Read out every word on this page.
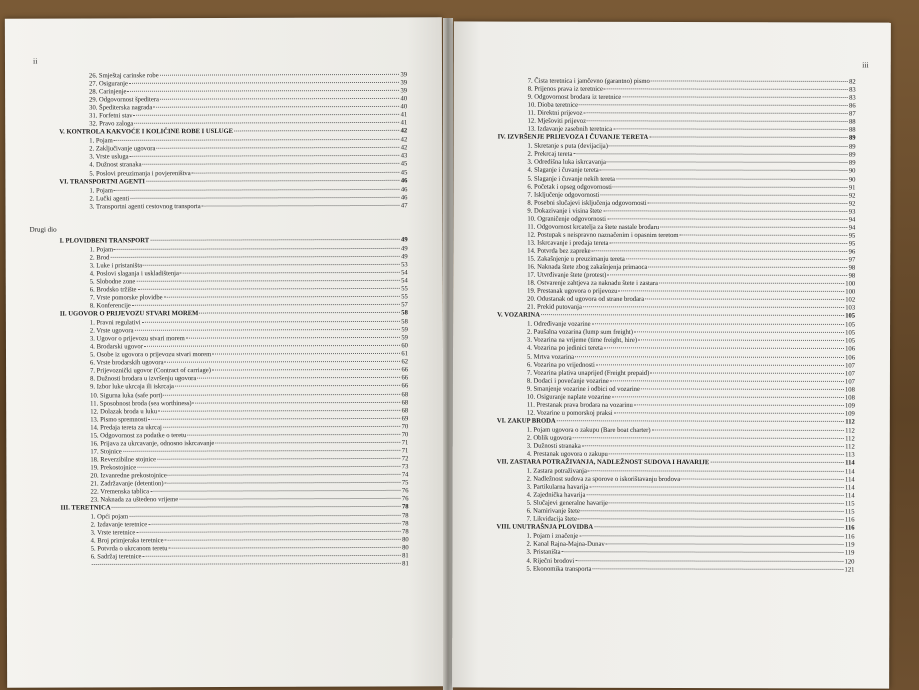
ii
26. Smještaj carinske robe	39
27. Osiguranje	39
28. Carinjenje	39
29. Odgovornost špeditera	40
30. Špediterska nagrada	40
31. Forfetni stav	41
32. Pravo zaloga	41
V. KONTROLA KAKVOĆE I KOLIČINE ROBE I USLUGE	42
1. Pojam	42
2. Zaključivanje ugovora	42
3. Vrste usluga	43
4. Dužnost stranaka	45
5. Poslovi preuzimanja i povjereništva	45
VI. TRANSPORTNI AGENTI	46
1. Pojam	46
2. Lučki agenti	46
3. Transportni agenti cestovnog transporta	47
Drugi dio
I. PLOVIDBENI TRANSPORT	49
1. Pojam	49
2. Brod	49
3. Luke i pristaništa	53
4. Poslovi slaganja i uskladištenja	54
5. Slobodne zone	54
6. Brodsko tržište	55
7. Vrste pomorske plovidbe	55
8. Konferencije	57
II. UGOVOR O PRIJEVOZU STVARI MOREM	58
1. Pravni regulativi	58
2. Vrste ugovora	59
3. Ugovor o prijevozu stvari morem	59
4. Brodarski ugovor	60
5. Osobe iz ugovora o prijevozu stvari morem	61
6. Vrste brodarskih ugovora	62
7. Prijevoznički ugovor (Contract of carriage)	66
8. Dužnosti brodara u izvršenju ugovora	66
9. Izbor luke ukrcaja ili iskrcaja	66
10. Sigurna luka (safe port)	68
11. Sposobnost broda (sea worthiness)	68
12. Dolazak broda u luku	68
13. Pismo spremnosti	69
14. Predaja tereta za ukrcaj	70
15. Odgovornost za podatke o teretu	70
16. Prijava za ukrcavanje, odnosno iskrcavanje	71
17. Stojnice	71
18. Reverzibilne stojnice	72
19. Prekostojnice	73
20. Izvanredne prekostojnice	74
21. Zadržavanje (detention)	75
22. Vremenska tablica	76
23. Naknada za uštedeno vrijeme	76
III. TERETNICA	78
1. Opći pojam	78
2. Izdavanje teretnice	78
3. Vrste teretnice	78
4. Broj primjeraka teretnice	80
5. Potvrda o ukrcanom teretu	80
6. Sadržaj teretnice	81
81
iii
7. Čista teretnica i jamčevno (garantno) pismo	82
8. Prijenos prava iz teretnice	83
9. Odgovornost brodara iz teretnice	83
10. Dioba teretnice	86
11. Direktni prijevoz	87
12. Mješoviti prijevoz	88
13. Izdavanje zasebnih teretnica	88
IV. IZVRŠENJE PRIJEVOZA I ČUVANJE TERETA	89
1. Skretanje s puta (devijacija)	89
2. Prekrcaj tereta	89
3. Odredišna luka iskrcavanja	89
4. Slaganje i čuvanje tereta	90
5. Slaganje i čuvanje nekih tereta	90
6. Početak i opseg odgovornosti	91
7. Isključenje odgovornosti	92
8. Posebni slučajevi isključenja odgovornosti	92
9. Dokazivanje i visina štete	93
10. Ograničenje odgovornosti	94
11. Odgovornost krcatelja za štete nastale brodaru	94
12. Postupak s neispravno naznačenim i opasnim teretom	95
13. Iskrcavanje i predaja tereta	95
14. Potvrda bez zapreke	96
15. Zakašnjenje u preuzimanju tereta	97
16. Naknada štete zbog zakašnjenja primaoca	98
17. Utvrđivanje štete (protest)	98
18. Ostvarenje zahtjeva za naknadu štete i zastara	100
19. Prestanak ugovora o prijevozu	100
20. Odustanak od ugovora od strane brodara	102
21. Prekid putovanja	103
V. VOZARINA	105
1. Određivanje vozarine	105
2. Paušalna vozarina (lump sum freight)	105
3. Vozarina na vrijeme (time freight, hire)	105
4. Vozarina po jedinici tereta	106
5. Mrtva vozarina	106
6. Vozarina po vrijednosti	107
7. Vozarina plativa unaprijed (Freight prepaid)	107
8. Dodaci i povećanje vozarine	107
9. Smanjenje vozarine i odbici od vozarine	108
10. Osiguranje naplate vozarine	108
11. Prestanak prava brodara na vozarinu	109
12. Vozarine u pomorskoj praksi	109
VI. ZAKUP BRODA	112
1. Pojam ugovora o zakupu (Bare boat charter)	112
2. Oblik ugovora	112
3. Dužnosti stranaka	112
4. Prestanak ugovora o zakupu	113
VII. ZASTARA POTRAŽIVANJA, NADLEŽNOST SUDOVA I HAVARIJE	114
1. Zastara potraživanja	114
2. Nadležnost sudova za sporove o iskorištavanju brodova	114
3. Partikularna havarija	114
4. Zajednička havarija	114
5. Slučajevi generalne havarije	115
6. Namirivanje štete	115
7. Likvidacija štete	116
VIII. UNUTRAŠNJA PLOVIDBA	116
1. Pojam i značenje	116
2. Kanal Rajna-Majna-Dunav	119
3. Pristaništa	119
4. Riječni brodovi	120
5. Ekonomika transporta	121
